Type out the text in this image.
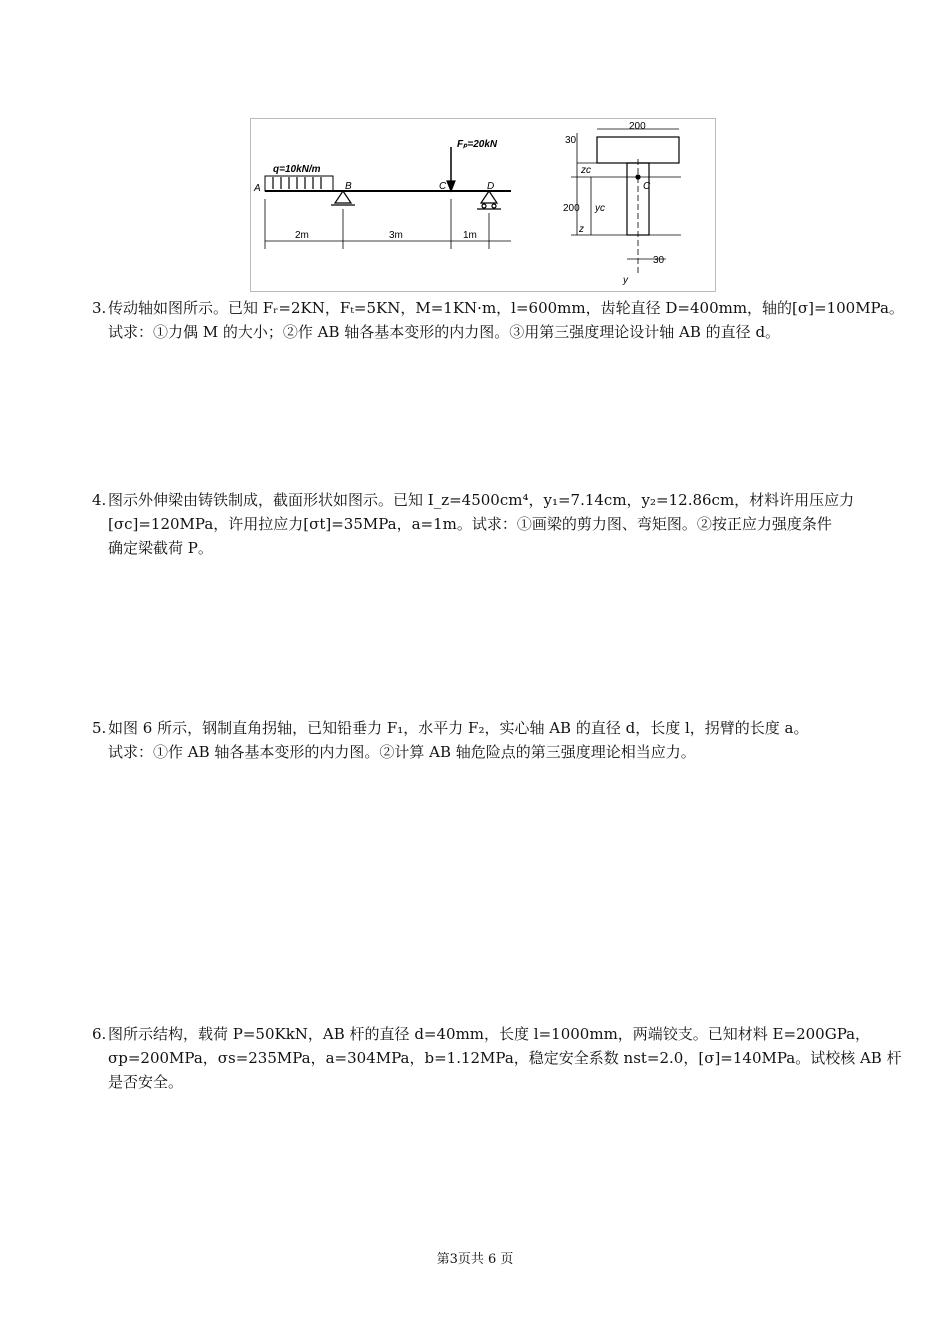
q=10kN/m
Fₚ=20kN
A	B	C	D
2m	3m	1m
200
30
200
30
zᴄ
C
yᴄ
z
y

3. 传动轴如图所示。已知 Fᵣ=2KN，Fₜ=5KN，M=1KN·m，l=600mm，齿轮直径 D=400mm，轴的[σ]=100MPa。
试求：①力偶 M 的大小；②作 AB 轴各基本变形的内力图。③用第三强度理论设计轴 AB 的直径 d。

4. 图示外伸梁由铸铁制成，截面形状如图示。已知 I_z=4500cm⁴，y₁=7.14cm，y₂=12.86cm，材料许用压应力
[σc]=120MPa，许用拉应力[σt]=35MPa，a=1m。试求：①画梁的剪力图、弯矩图。②按正应力强度条件
确定梁截荷 P。

5. 如图 6 所示，钢制直角拐轴，已知铅垂力 F₁，水平力 F₂，实心轴 AB 的直径 d，长度 l，拐臂的长度 a。
试求：①作 AB 轴各基本变形的内力图。②计算 AB 轴危险点的第三强度理论相当应力。

6. 图所示结构，载荷 P=50KkN，AB 杆的直径 d=40mm，长度 l=1000mm，两端铰支。已知材料 E=200GPa，
σp=200MPa，σs=235MPa，a=304MPa，b=1.12MPa，稳定安全系数 nst=2.0，[σ]=140MPa。试校核 AB 杆
是否安全。

第3页共 6 页
